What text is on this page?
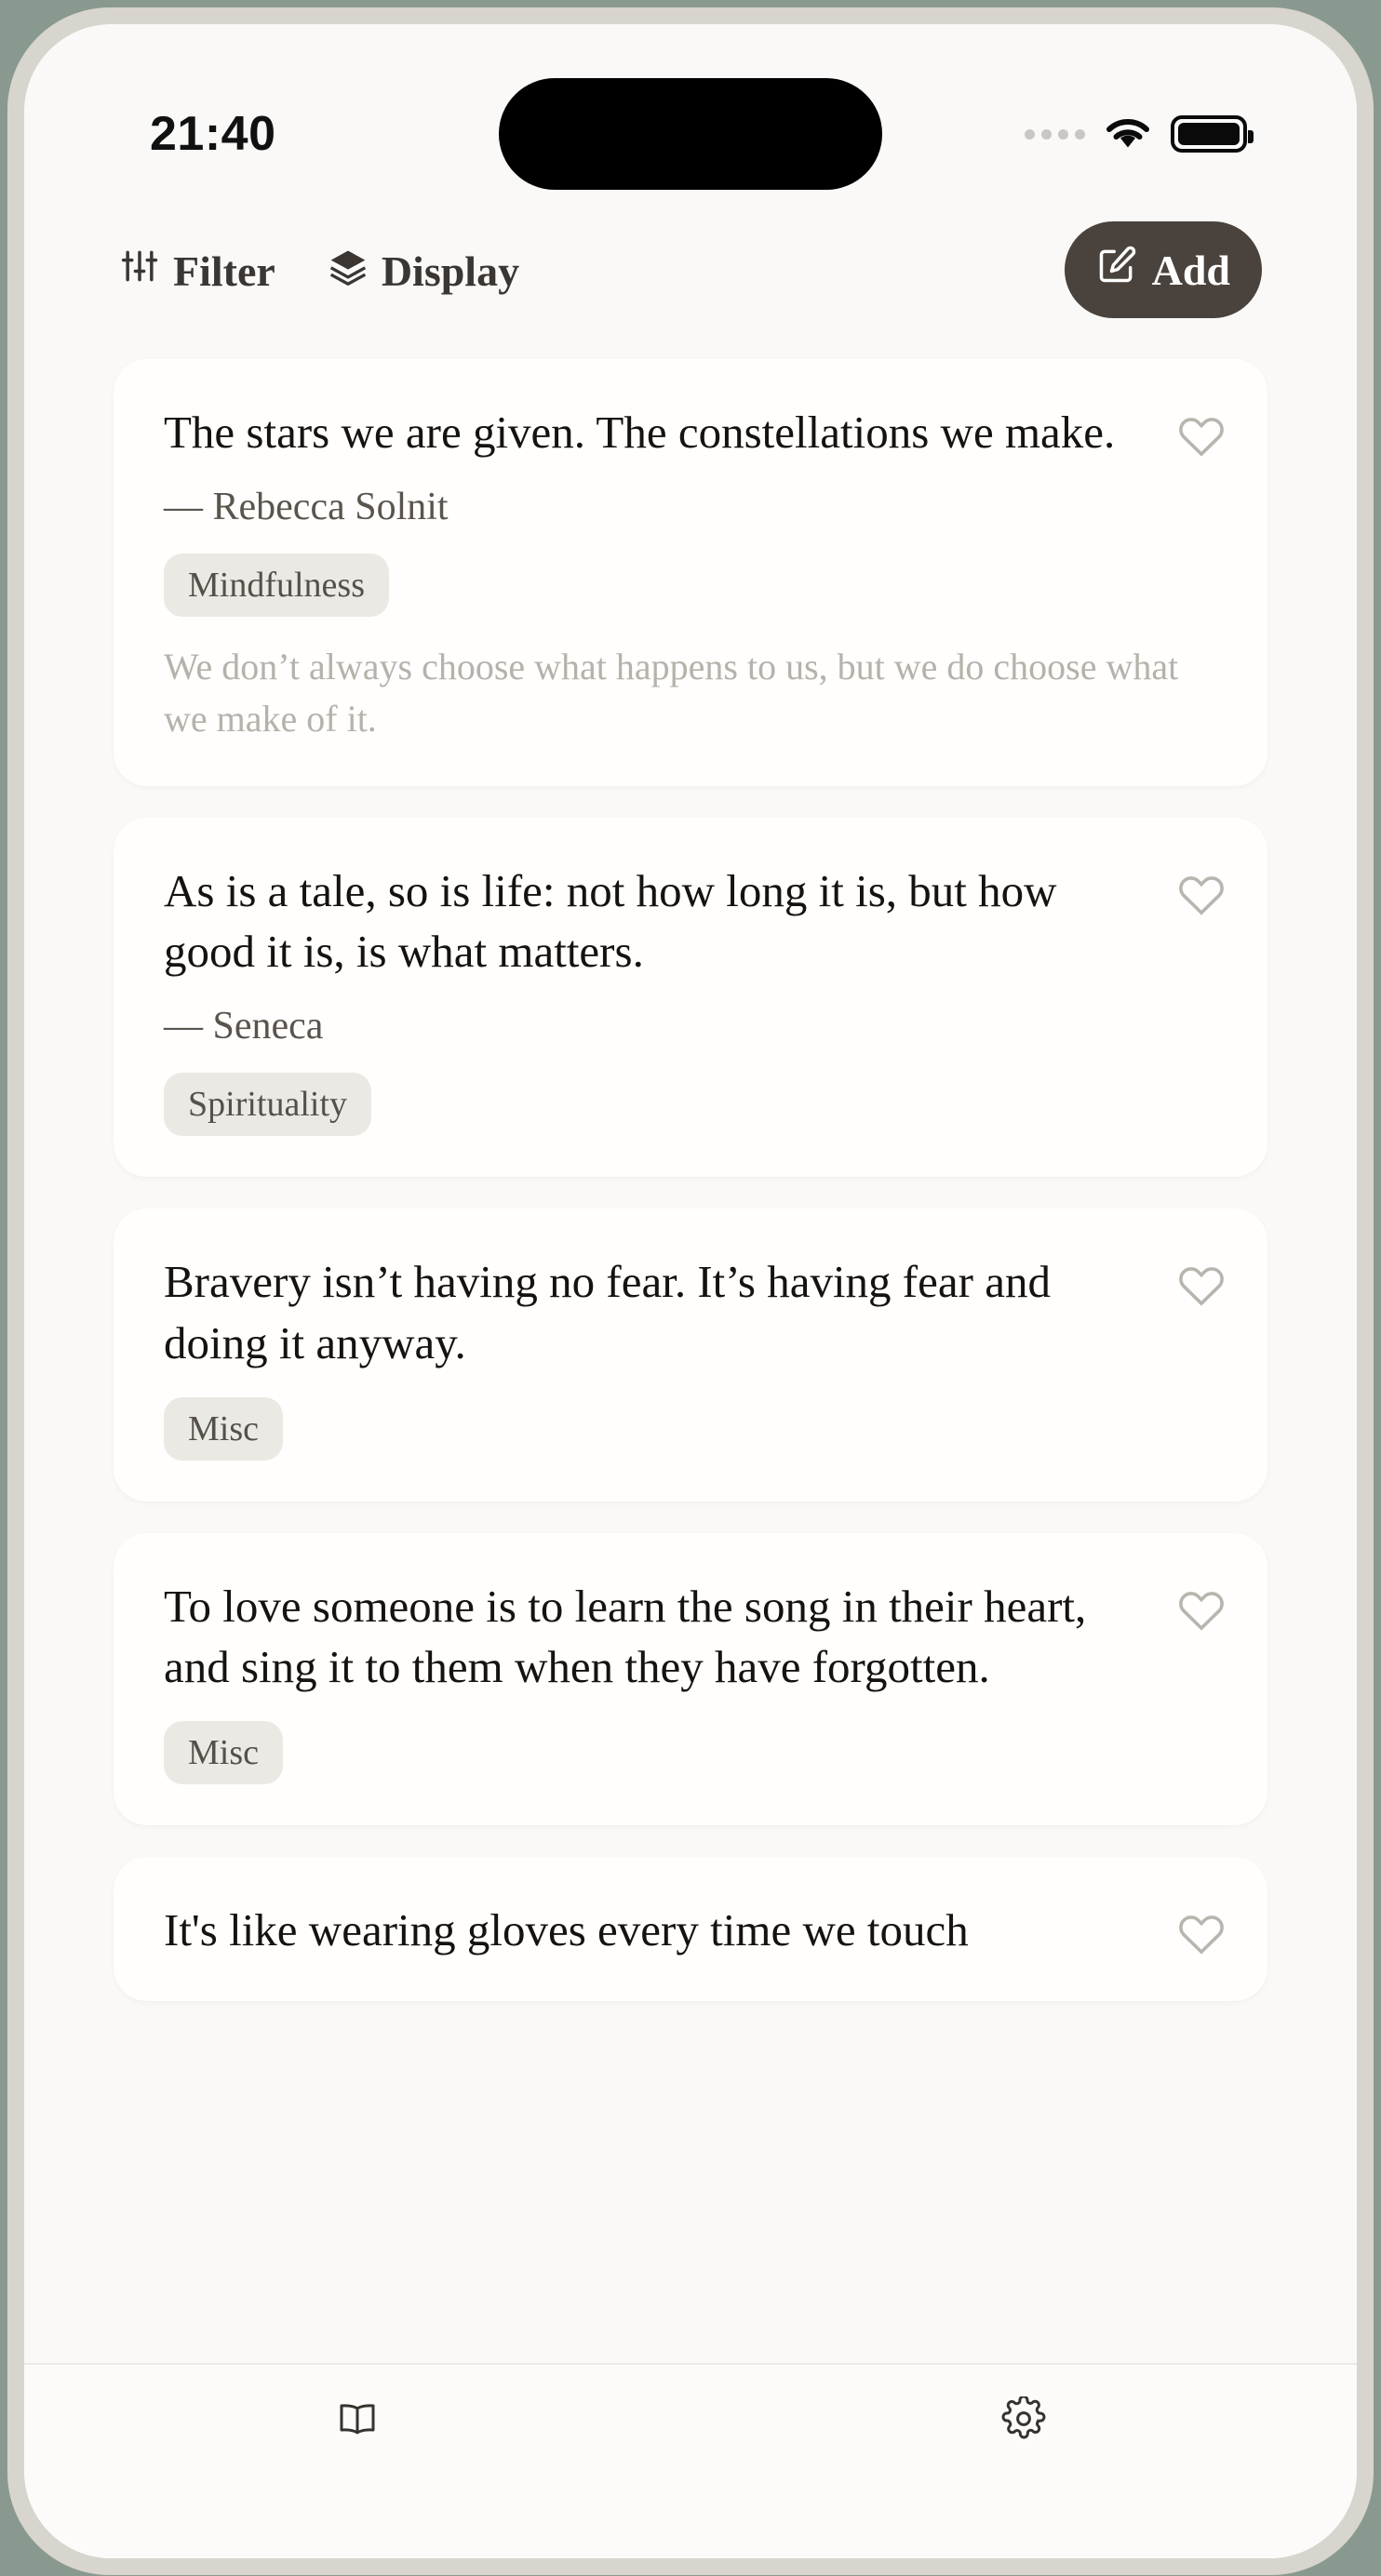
21:40
Filter Display	Add
The stars we are given. The constellations we make.
— Rebecca Solnit
Mindfulness
We don’t always choose what happens to us, but we do choose what we make of it.
As is a tale, so is life: not how long it is, but how good it is, is what matters.
— Seneca
Spirituality
Bravery isn’t having no fear. It’s having fear and doing it anyway.
Misc
To love someone is to learn the song in their heart, and sing it to them when they have forgotten.
Misc
It's like wearing gloves every time we touch
